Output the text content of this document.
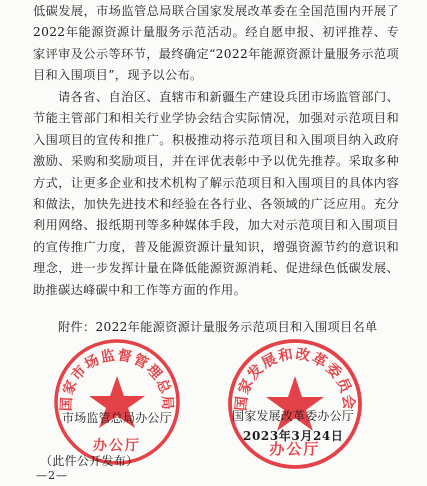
低碳发展，市场监管总局联合国家发展改革委在全国范围内开展了2022年能源资源计量服务示范活动。经自愿申报、初评推荐、专家评审及公示等环节，最终确定“2022年能源资源计量服务示范项目和入围项目”，现予以公布。

请各省、自治区、直辖市和新疆生产建设兵团市场监管部门、节能主管部门和相关行业学协会结合实际情况，加强对示范项目和入围项目的宣传和推广。积极推动将示范项目和入围项目纳入政府激励、采购和奖励项目，并在评优表彰中予以优先推荐。采取多种方式，让更多企业和技术机构了解示范项目和入围项目的具体内容和做法，加快先进技术和经验在各行业、各领域的广泛应用。充分利用网络、报纸期刊等多种媒体手段，加大对示范项目和入围项目的宣传推广力度，普及能源资源计量知识，增强资源节约的意识和理念，进一步发挥计量在降低能源资源消耗、促进绿色低碳发展、助推碳达峰碳中和工作等方面的作用。

附件：2022年能源资源计量服务示范项目和入围项目名单

国家市场监督管理总局
办公厅
国家发展和改革委员会
办公厅

市场监管总局办公厅	国家发展改革委办公厅

2023年3月24日

（此件公开发布）

—2—
